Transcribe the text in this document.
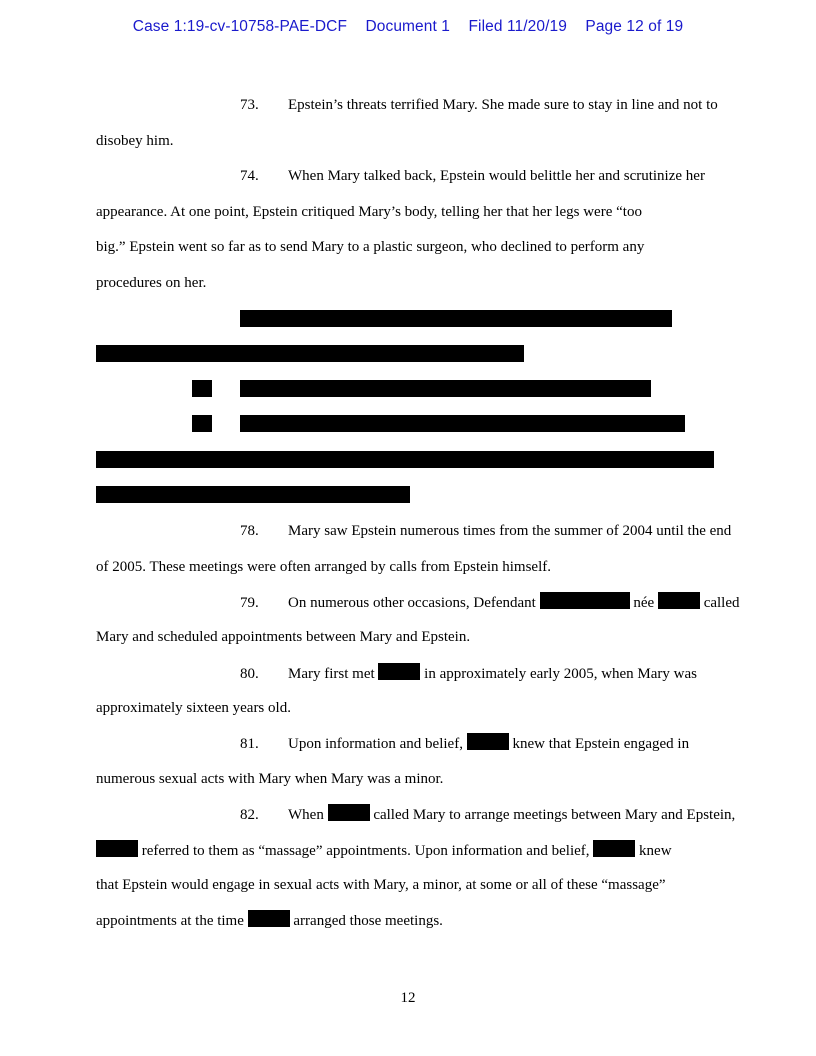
Case 1:19-cv-10758-PAE-DCF Document 1 Filed 11/20/19 Page 12 of 19
73. Epstein’s threats terrified Mary. She made sure to stay in line and not to
disobey him.
74. When Mary talked back, Epstein would belittle her and scrutinize her
appearance. At one point, Epstein critiqued Mary’s body, telling her that her legs were “too
big.” Epstein went so far as to send Mary to a plastic surgeon, who declined to perform any
procedures on her.
78. Mary saw Epstein numerous times from the summer of 2004 until the end
of 2005. These meetings were often arranged by calls from Epstein himself.
79. On numerous other occasions, Defendant	née	called
Mary and scheduled appointments between Mary and Epstein.
80. Mary first met	in approximately early 2005, when Mary was
approximately sixteen years old.
81. Upon information and belief,	knew that Epstein engaged in
numerous sexual acts with Mary when Mary was a minor.
82. When	called Mary to arrange meetings between Mary and Epstein,
referred to them as “massage” appointments. Upon information and belief,	knew
that Epstein would engage in sexual acts with Mary, a minor, at some or all of these “massage”
appointments at the time	arranged those meetings.
12
